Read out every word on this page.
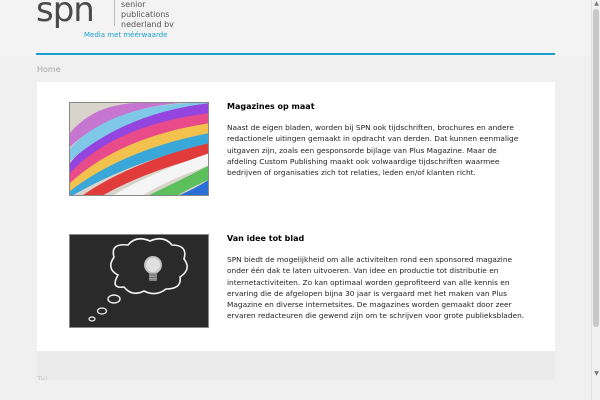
spn	senior
publications
nederland bv
Media met méérwaarde
Home
Magazines op maat
Naast de eigen bladen, worden bij SPN ook tijdschriften, brochures en andere redactionele uitingen gemaakt in opdracht van derden. Dat kunnen eenmalige uitgaven zijn, zoals een gesponsorde bijlage van Plus Magazine. Maar de afdeling Custom Publishing maakt ook volwaardige tijdschriften waarmee bedrijven of organisaties zich tot relaties, leden en/of klanten richt.
Van idee tot blad
SPN biedt de mogelijkheid om alle activiteiten rond een sponsored magazine onder één dak te laten uitvoeren. Van idee en productie tot distributie en internetactiviteiten. Zo kan optimaal worden geprofiteerd van alle kennis en ervaring die de afgelopen bijna 30 jaar is vergaard met het maken van Plus Magazine en diverse internetsites. De magazines worden gemaakt door zeer ervaren redacteuren die gewend zijn om te schrijven voor grote publieksbladen.
▲
▼
